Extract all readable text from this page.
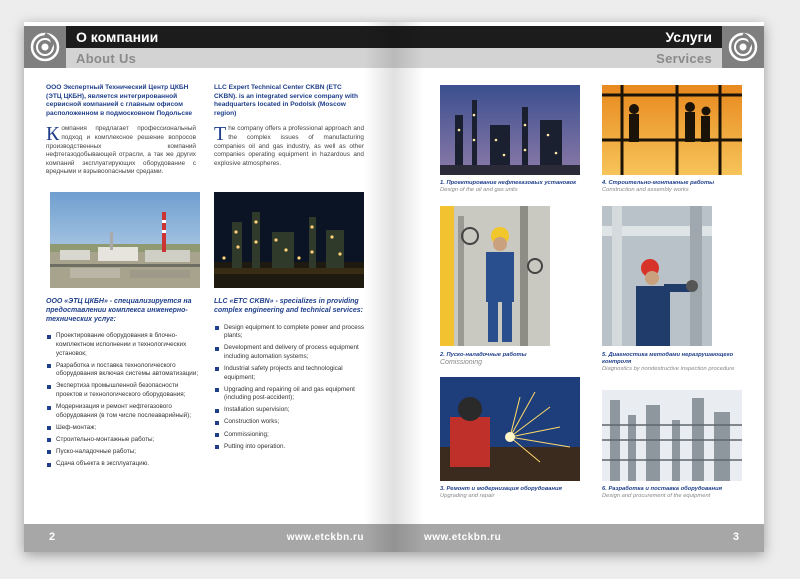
О компании
About Us
ООО Экспертный Технический Центр ЦКБН (ЭТЦ ЦКБН), является интегрированной сервисной компанией с главным офисом расположенном в подмосковном Подольске
Компания предлагает профессиональный подход и комплексное решение вопросов производственных компаний нефтегазодобывающей отрасли, а так же других компаний эксплуатирующих оборудование с вредными и взрывоопасными средами.
LLC Expert Technical Center CKBN (ETC CKBN). is an integrated service company with headquarters located in Podolsk (Moscow region)
The company offers a professional approach and the complex issues of manufacturing companies oil and gas industry, as well as other companies operating equipment in hazardous and explosive atmospheres.
ООО «ЭТЦ ЦКБН» - специализируется на предоставлении комплекса инженерно-технических услуг:
Проектирование оборудования в блочно-комплектном исполнении и технологических установок;
Разработка и поставка технологического оборудования включая системы автоматизации;
Экспертиза промышленной безопасности проектов и технологического оборудования;
Модернизация и ремонт нефтегазового оборудования (в том числе послеаварийный);
Шеф-монтаж;
Строительно-монтажные работы;
Пуско-наладочные работы;
Сдача объекта в эксплуатацию.
LLC «ETC CKBN» - specializes in providing complex engineering and technical services:
Design equipment to complete power and process plants;
Development and delivery of process equipment including automation systems;
Industrial safety projects and technological equipment;
Upgrading and repairing oil and gas equipment (including post-accident);
Installation supervision;
Construction works;
Commissioning;
Putting into operation.
2	www.etckbn.ru
Услуги
Services
1. Проектирование нефтегазовых установок
Design of the oil and gas units
4. Строительно-монтажные работы
Construction and assembly works
2. Пуско-наладочные работы
Comissioning
5. Диагностика методами неразрушающего контроля
Diagnostics by nondestructive inspection procedure
3. Ремонт и модернизация оборудования
Upgrading and repair
6. Разработка и поставка оборудования
Design and procurement of the equipment
www.etckbn.ru	3
